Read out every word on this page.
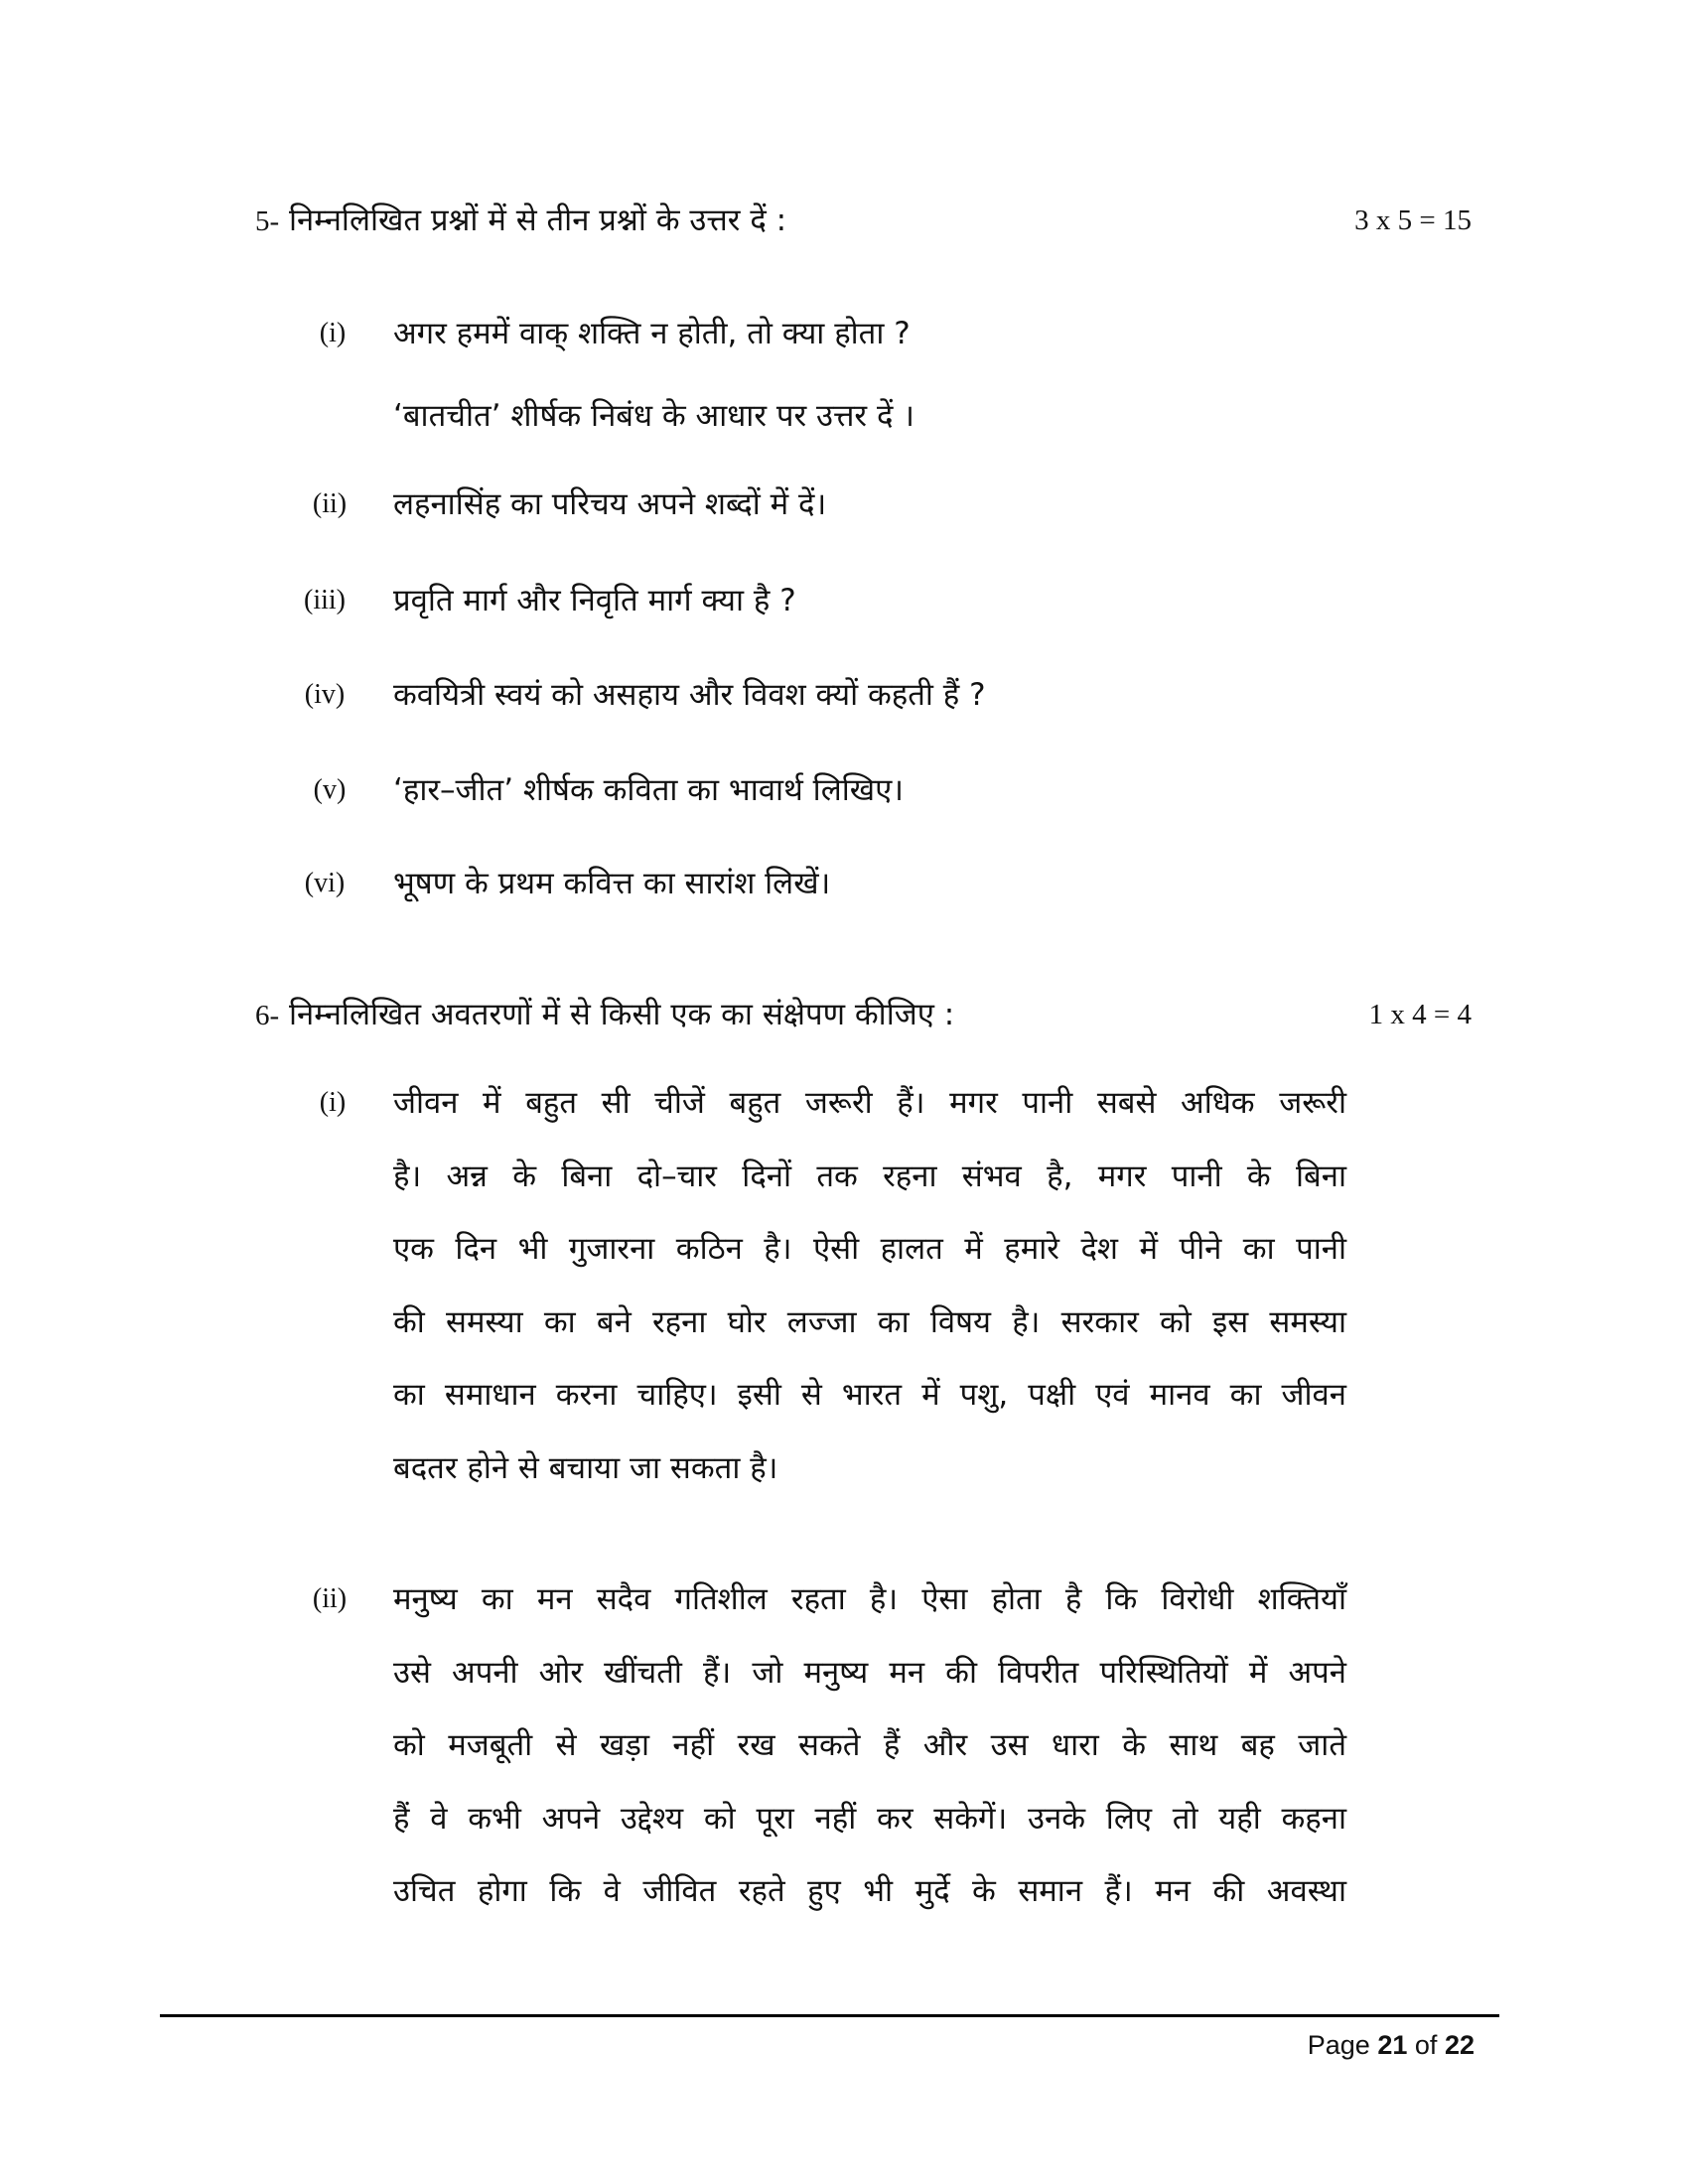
5- निम्नलिखित प्रश्नों में से तीन प्रश्नों के उत्तर दें :	3 x 5 = 15
(i)	अगर हममें वाक् शक्ति न होती, तो क्या होता ?
‘बातचीत’ शीर्षक निबंध के आधार पर उत्तर दें ।
(ii)	लहनासिंह का परिचय अपने शब्दों में दें।
(iii)	प्रवृति मार्ग और निवृति मार्ग क्या है ?
(iv)	कवयित्री स्वयं को असहाय और विवश क्यों कहती हैं ?
(v)	‘हार–जीत’ शीर्षक कविता का भावार्थ लिखिए।
(vi)	भूषण के प्रथम कवित्त का सारांश लिखें।
6- निम्नलिखित अवतरणों में से किसी एक का संक्षेपण कीजिए :	1 x 4 = 4
(i)	जीवन में बहुत सी चीजें बहुत जरूरी हैं। मगर पानी सबसे अधिक जरूरी
है। अन्न के बिना दो–चार दिनों तक रहना संभव है, मगर पानी के बिना
एक दिन भी गुजारना कठिन है। ऐसी हालत में हमारे देश में पीने का पानी
की समस्या का बने रहना घोर लज्जा का विषय है। सरकार को इस समस्या
का समाधान करना चाहिए। इसी से भारत में पशु, पक्षी एवं मानव का जीवन
बदतर होने से बचाया जा सकता है।
(ii)	मनुष्य का मन सदैव गतिशील रहता है। ऐसा होता है कि विरोधी शक्तियाँ
उसे अपनी ओर खींचती हैं। जो मनुष्य मन की विपरीत परिस्थितियों में अपने
को मजबूती से खड़ा नहीं रख सकते हैं और उस धारा के साथ बह जाते
हैं वे कभी अपने उद्देश्य को पूरा नहीं कर सकेगें। उनके लिए तो यही कहना
उचित होगा कि वे जीवित रहते हुए भी मुर्दे के समान हैं। मन की अवस्था
Page 21 of 22
